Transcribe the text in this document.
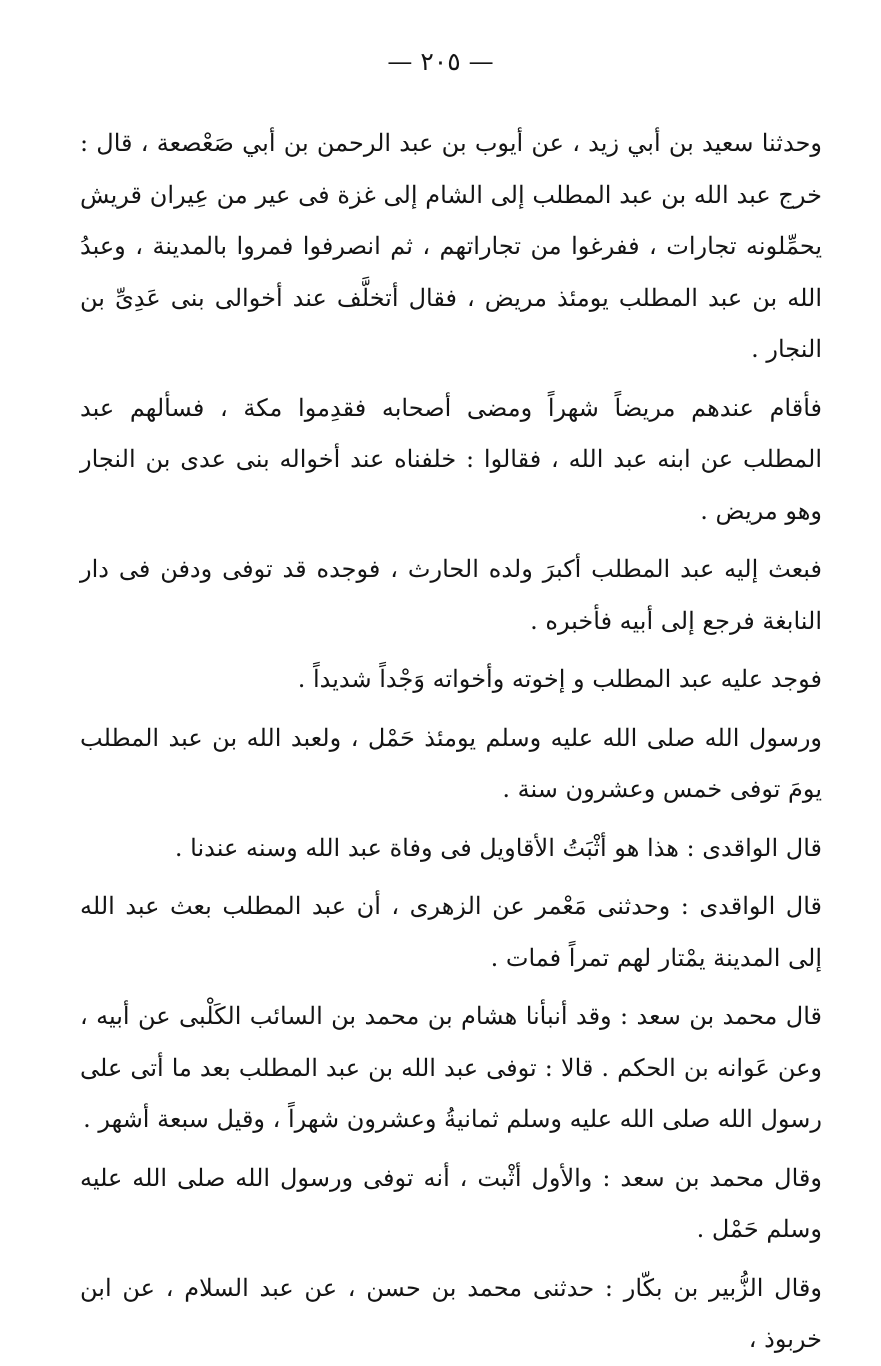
— ٢٠٥ —

وحدثنا سعيد بن أبي زيد ، عن أيوب بن عبد الرحمن بن أبي صَعْصعة ، قال : خرج عبد الله بن عبد المطلب إلى الشام إلى غزة فى عير من عِيران قريش يحمِّلونه تجارات ، ففرغوا من تجاراتهم ، ثم انصرفوا فمروا بالمدينة ، وعبدُ الله بن عبد المطلب يومئذ مريض ، فقال أتخلَّف عند أخوالى بنى عَدِىِّ بن النجار .

فأقام عندهم مريضاً شهراً ومضى أصحابه فقدِموا مكة ، فسألهم عبد المطلب عن ابنه عبد الله ، فقالوا : خلفناه عند أخواله بنى عدى بن النجار وهو مريض .

فبعث إليه عبد المطلب أكبرَ ولده الحارث ، فوجده قد توفى ودفن فى دار النابغة فرجع إلى أبيه فأخبره .

فوجد عليه عبد المطلب و إخوته وأخواته وَجْداً شديداً .

ورسول الله صلى الله عليه وسلم يومئذ حَمْل ، ولعبد الله بن عبد المطلب يومَ توفى خمس وعشرون سنة .

قال الواقدى : هذا هو أثْبَتُ الأقاويل فى وفاة عبد الله وسنه عندنا .

قال الواقدى : وحدثنى مَعْمر عن الزهرى ، أن عبد المطلب بعث عبد الله إلى المدينة يمْتار لهم تمراً فمات .

قال محمد بن سعد : وقد أنبأنا هشام بن محمد بن السائب الكَلْبى عن أبيه ، وعن عَوانه بن الحكم . قالا : توفى عبد الله بن عبد المطلب بعد ما أتى على رسول الله صلى الله عليه وسلم ثمانيةُ وعشرون شهراً ، وقيل سبعة أشهر .

وقال محمد بن سعد : والأول أثْبت ، أنه توفى ورسول الله صلى الله عليه وسلم حَمْل .

وقال الزُّبير بن بكّار : حدثنى محمد بن حسن ، عن عبد السلام ، عن ابن خربوذ ،
